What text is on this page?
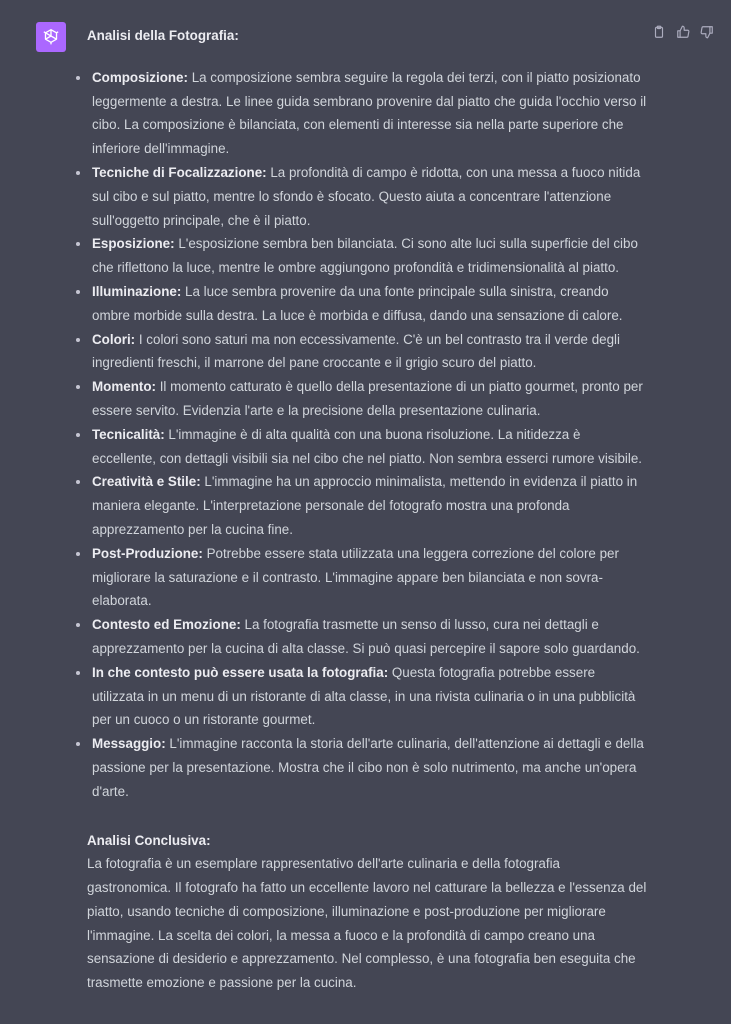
Analisi della Fotografia:

Composizione: La composizione sembra seguire la regola dei terzi, con il piatto posizionato leggermente a destra. Le linee guida sembrano provenire dal piatto che guida l'occhio verso il cibo. La composizione è bilanciata, con elementi di interesse sia nella parte superiore che inferiore dell'immagine.
Tecniche di Focalizzazione: La profondità di campo è ridotta, con una messa a fuoco nitida sul cibo e sul piatto, mentre lo sfondo è sfocato. Questo aiuta a concentrare l'attenzione sull'oggetto principale, che è il piatto.
Esposizione: L'esposizione sembra ben bilanciata. Ci sono alte luci sulla superficie del cibo che riflettono la luce, mentre le ombre aggiungono profondità e tridimensionalità al piatto.
Illuminazione: La luce sembra provenire da una fonte principale sulla sinistra, creando ombre morbide sulla destra. La luce è morbida e diffusa, dando una sensazione di calore.
Colori: I colori sono saturi ma non eccessivamente. C'è un bel contrasto tra il verde degli ingredienti freschi, il marrone del pane croccante e il grigio scuro del piatto.
Momento: Il momento catturato è quello della presentazione di un piatto gourmet, pronto per essere servito. Evidenzia l'arte e la precisione della presentazione culinaria.
Tecnicalità: L'immagine è di alta qualità con una buona risoluzione. La nitidezza è eccellente, con dettagli visibili sia nel cibo che nel piatto. Non sembra esserci rumore visibile.
Creatività e Stile: L'immagine ha un approccio minimalista, mettendo in evidenza il piatto in maniera elegante. L'interpretazione personale del fotografo mostra una profonda apprezzamento per la cucina fine.
Post-Produzione: Potrebbe essere stata utilizzata una leggera correzione del colore per migliorare la saturazione e il contrasto. L'immagine appare ben bilanciata e non sovra-elaborata.
Contesto ed Emozione: La fotografia trasmette un senso di lusso, cura nei dettagli e apprezzamento per la cucina di alta classe. Si può quasi percepire il sapore solo guardando.
In che contesto può essere usata la fotografia: Questa fotografia potrebbe essere utilizzata in un menu di un ristorante di alta classe, in una rivista culinaria o in una pubblicità per un cuoco o un ristorante gourmet.
Messaggio: L'immagine racconta la storia dell'arte culinaria, dell'attenzione ai dettagli e della passione per la presentazione. Mostra che il cibo non è solo nutrimento, ma anche un'opera d'arte.

Analisi Conclusiva:

La fotografia è un esemplare rappresentativo dell'arte culinaria e della fotografia gastronomica. Il fotografo ha fatto un eccellente lavoro nel catturare la bellezza e l'essenza del piatto, usando tecniche di composizione, illuminazione e post-produzione per migliorare l'immagine. La scelta dei colori, la messa a fuoco e la profondità di campo creano una sensazione di desiderio e apprezzamento. Nel complesso, è una fotografia ben eseguita che trasmette emozione e passione per la cucina.
